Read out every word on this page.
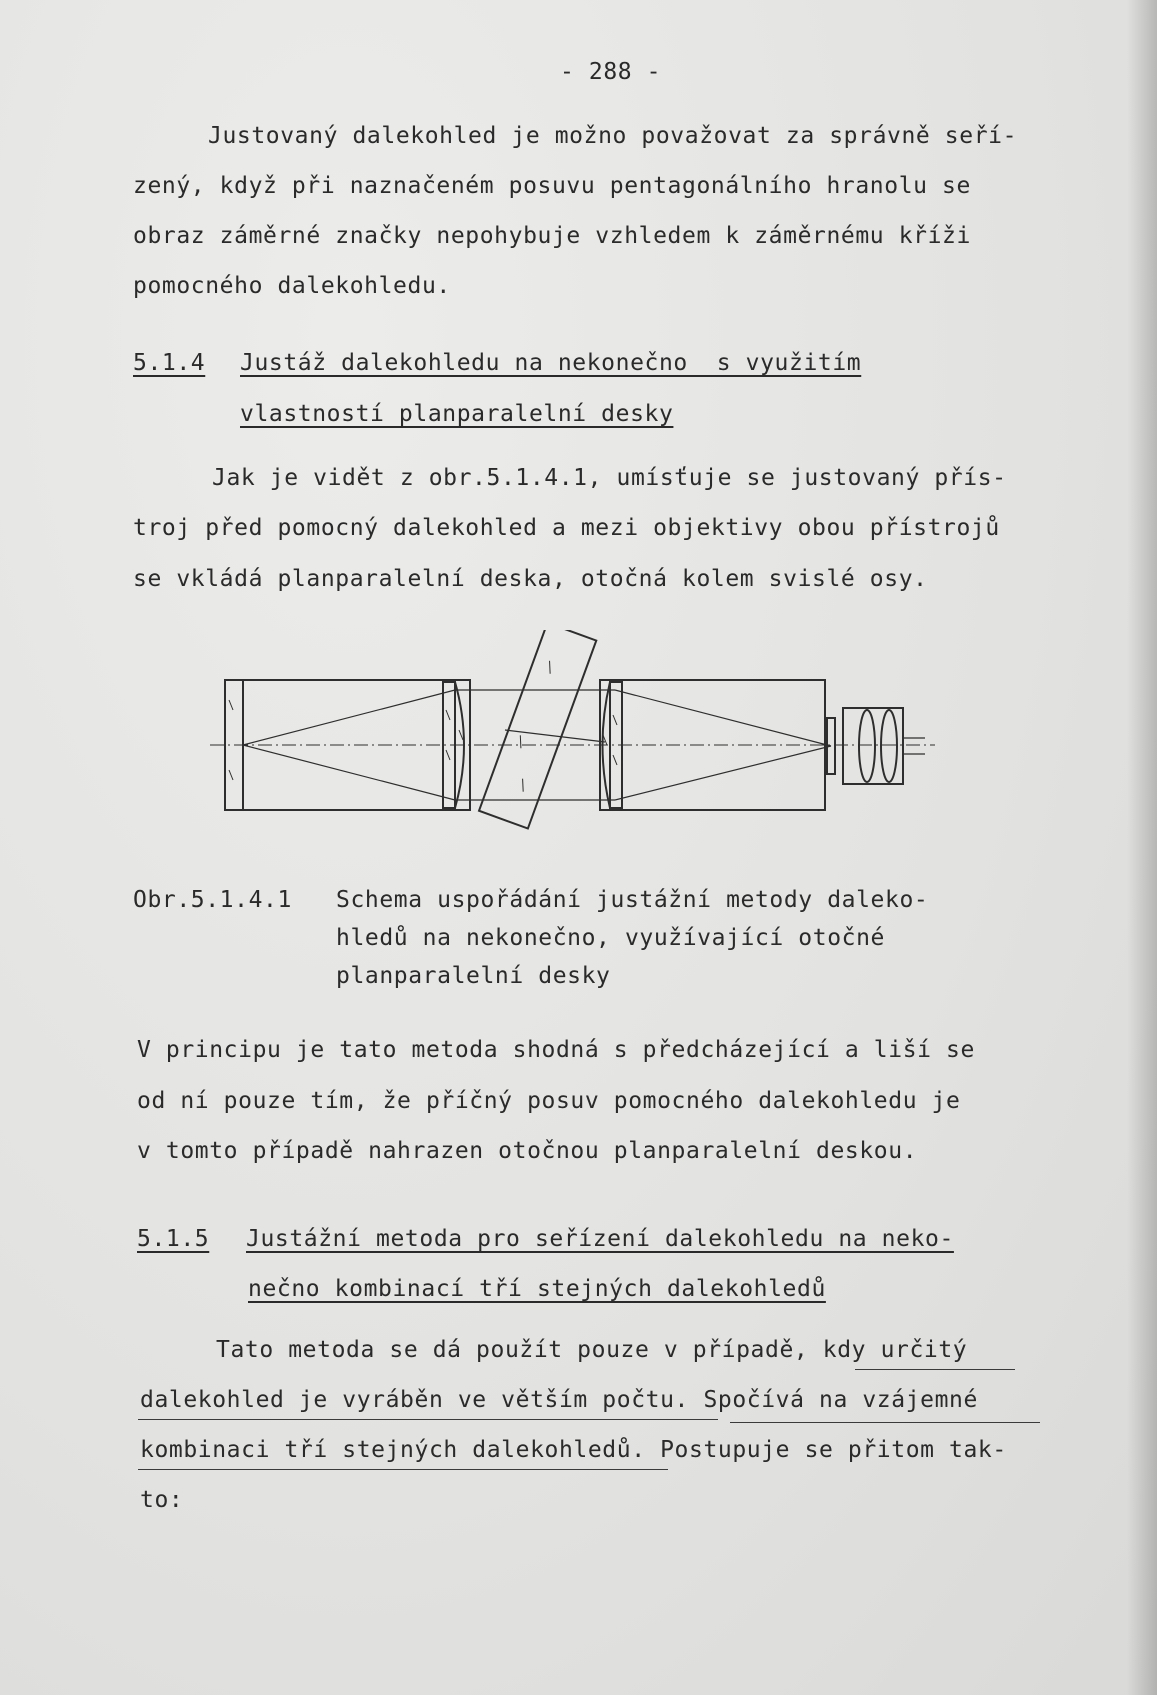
- 288 -
Justovaný dalekohled je možno považovat za správně seří-
zený, když při naznačeném posuvu pentagonálního hranolu se
obraz záměrné značky nepohybuje vzhledem k záměrnému kříži
pomocného dalekohledu.
5.1.4 Justáž dalekohledu na nekonečno  s využitím
vlastností planparalelní desky
Jak je vidět z obr.5.1.4.1, umísťuje se justovaný přís-
troj před pomocný dalekohled a mezi objektivy obou přístrojů
se vkládá planparalelní deska, otočná kolem svislé osy.
Obr.5.1.4.1 Schema uspořádání justážní metody daleko-
hledů na nekonečno, využívající otočné
planparalelní desky
V principu je tato metoda shodná s předcházející a liší se
od ní pouze tím, že příčný posuv pomocného dalekohledu je
v tomto případě nahrazen otočnou planparalelní deskou.
5.1.5 Justážní metoda pro seřízení dalekohledu na neko-
nečno kombinací tří stejných dalekohledů
Tato metoda se dá použít pouze v případě, kdy určitý
dalekohled je vyráběn ve větším počtu. Spočívá na vzájemné
kombinaci tří stejných dalekohledů. Postupuje se přitom tak-
to:
